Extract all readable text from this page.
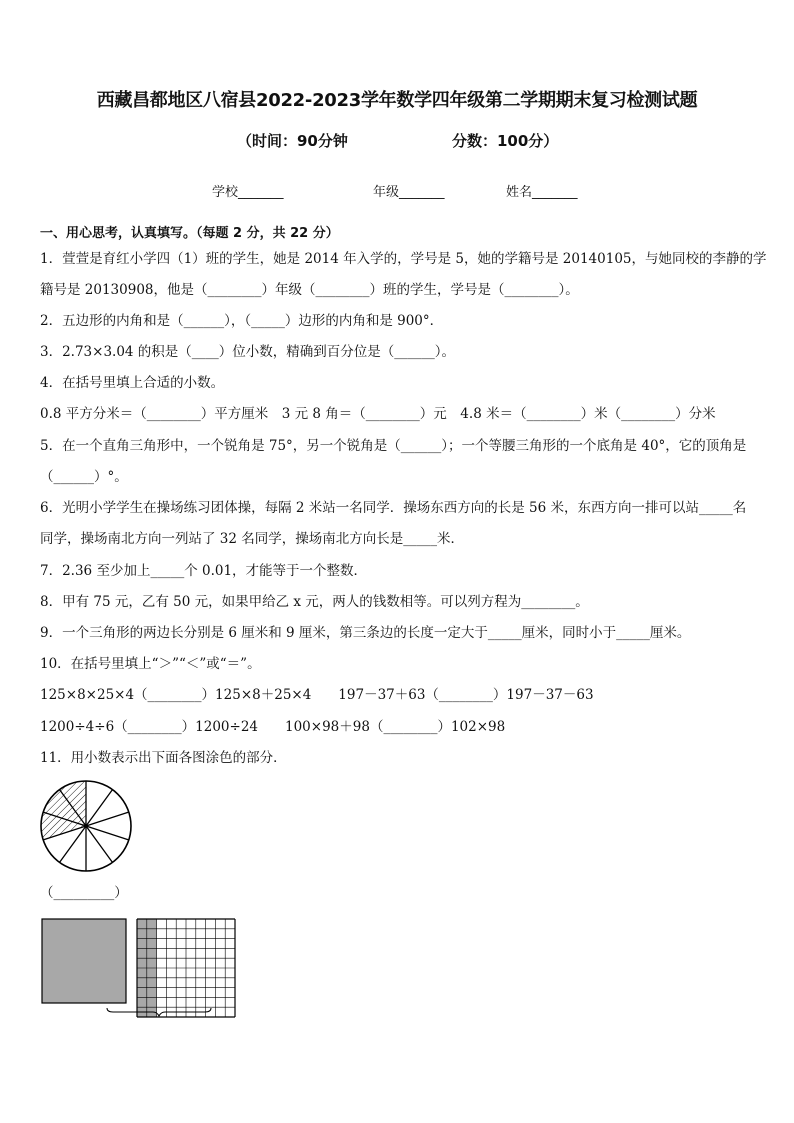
西藏昌都地区八宿县2022-2023学年数学四年级第二学期期末复习检测试题
（时间：90分钟	分数：100分）
学校_______	年级_______	姓名_______
一、用心思考，认真填写。（每题 2 分，共 22 分）
1．萱萱是育红小学四（1）班的学生，她是 2014 年入学的，学号是 5，她的学籍号是 20140105，与她同校的李静的学
籍号是 20130908，他是（________）年级（________）班的学生，学号是（________）。
2．五边形的内角和是（______），（_____）边形的内角和是 900°．
3．2.73×3.04 的积是（____）位小数，精确到百分位是（______）。
4．在括号里填上合适的小数。
0.8 平方分米＝（________）平方厘米　3 元 8 角＝（________）元　4.8 米＝（________）米（________）分米
5．在一个直角三角形中，一个锐角是 75°，另一个锐角是（______）；一个等腰三角形的一个底角是 40°，它的顶角是
（______）°。
6．光明小学学生在操场练习团体操，每隔 2 米站一名同学．操场东西方向的长是 56 米，东西方向一排可以站_____名
同学，操场南北方向一列站了 32 名同学，操场南北方向长是_____米．
7．2.36 至少加上_____个 0.01，才能等于一个整数．
8．甲有 75 元，乙有 50 元，如果甲给乙 x 元，两人的钱数相等。可以列方程为________。
9．一个三角形的两边长分别是 6 厘米和 9 厘米，第三条边的长度一定大于_____厘米，同时小于_____厘米。
10．在括号里填上“＞”“＜”或“＝”。
125×8×25×4（________）125×8＋25×4　　197－37＋63（________）197－37－63
1200÷4÷6（________）1200÷24　　100×98＋98（________）102×98
11．用小数表示出下面各图涂色的部分．
（_________）
